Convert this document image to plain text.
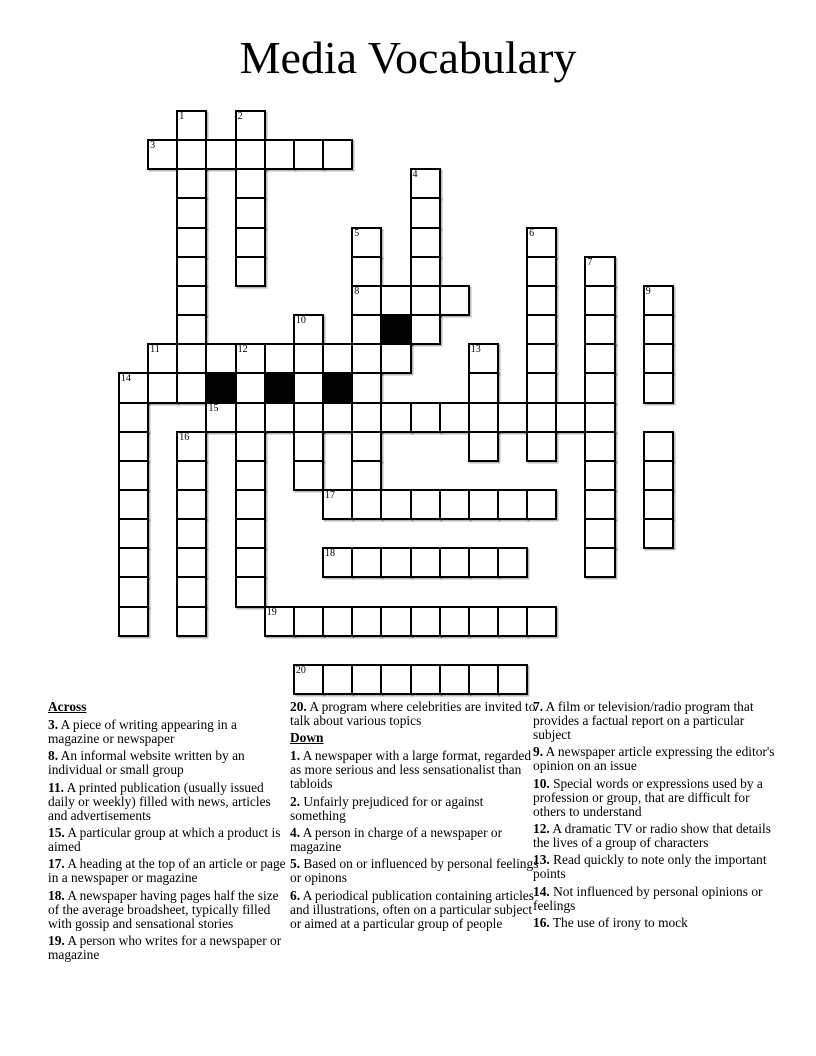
Media Vocabulary
1	2
3
4
5	6
7
8	9
10
11	12	13
14
15
16
17
18
19
20

Across

3. A piece of writing appearing in a magazine or newspaper

8. An informal website written by an individual or small group

11. A printed publication (usually issued daily or weekly) filled with news, articles and advertisements

15. A particular group at which a product is aimed

17. A heading at the top of an article or page in a newspaper or magazine

18. A newspaper having pages half the size of the average broadsheet, typically filled with gossip and sensational stories

19. A person who writes for a newspaper or magazine

20. A program where celebrities are invited to talk about various topics

Down

1. A newspaper with a large format, regarded as more serious and less sensationalist than tabloids

2. Unfairly prejudiced for or against something

4. A person in charge of a newspaper or magazine

5. Based on or influenced by personal feelings or opinons

6. A periodical publication containing articles and illustrations, often on a particular subject or aimed at a particular group of people

7. A film or television/radio program that provides a factual report on a particular subject

9. A newspaper article expressing the editor's opinion on an issue

10. Special words or expressions used by a profession or group, that are difficult for others to understand

12. A dramatic TV or radio show that details the lives of a group of characters

13. Read quickly to note only the important points

14. Not influenced by personal opinions or feelings

16. The use of irony to mock
